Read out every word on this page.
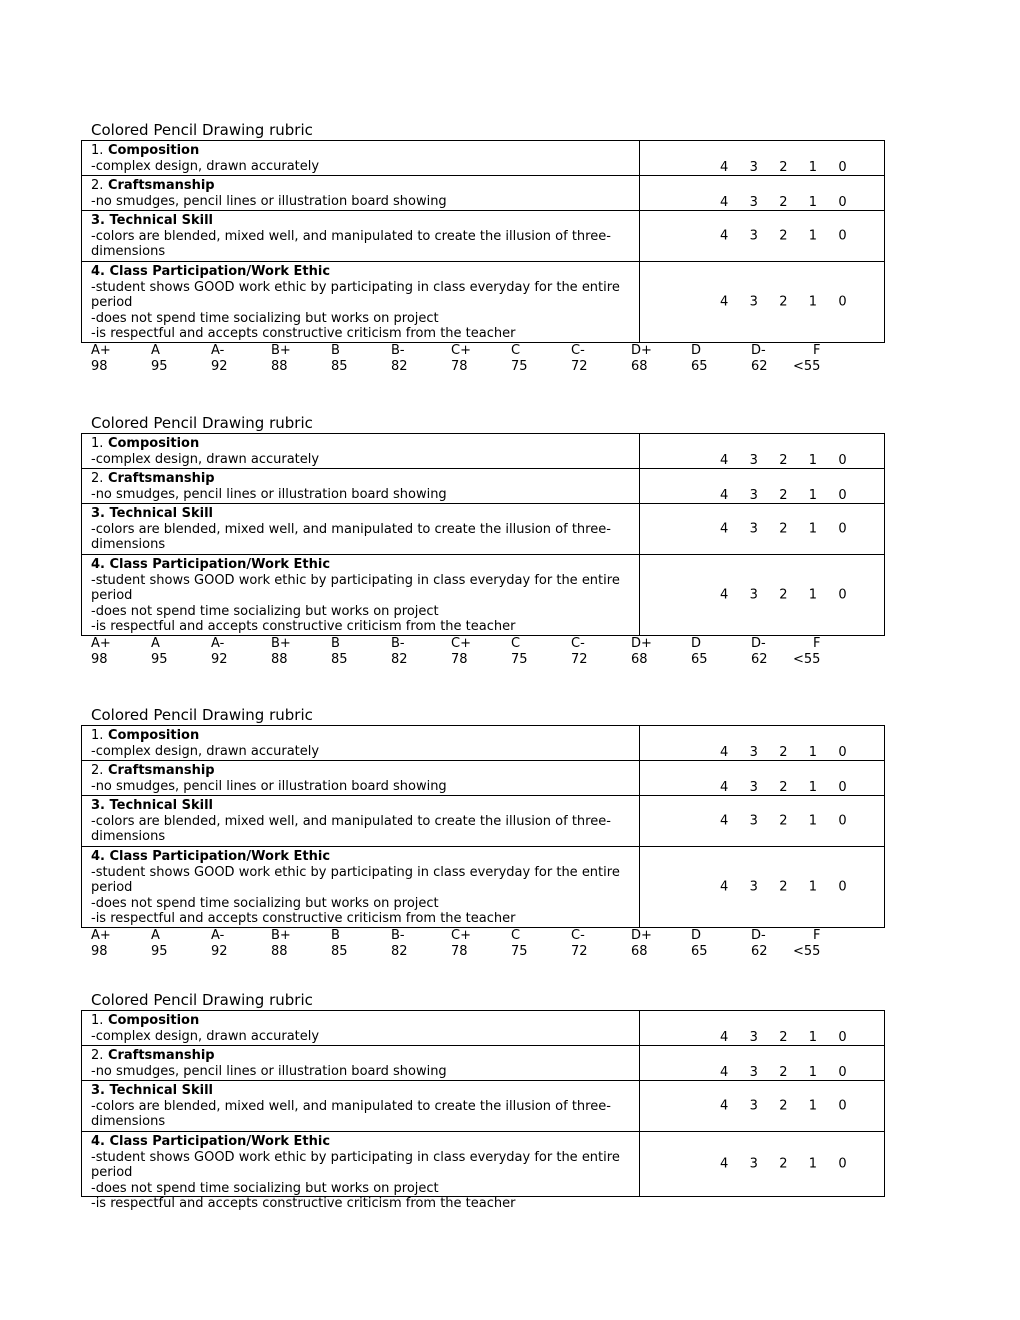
Colored Pencil Drawing rubric
1. Composition
-complex design, drawn accurately	4 3 2 1 0

2. Craftsmanship
-no smudges, pencil lines or illustration board showing	4 3 2 1 0

3. Technical Skill
-colors are blended, mixed well, and manipulated to create the illusion of three-dimensions	4 3 2 1 0

4. Class Participation/Work Ethic
-student shows GOOD work ethic by participating in class everyday for the entire period
-does not spend time socializing but works on project
-is respectful and accepts constructive criticism from the teacher	4 3 2 1 0
A+	A	A-	B+	B	B-	C+	C	C-	D+	D	D-	F
98	95	92	88	85	82	78	75	72	68	65	62 <55
Colored Pencil Drawing rubric
1. Composition
-complex design, drawn accurately	4 3 2 1 0

2. Craftsmanship
-no smudges, pencil lines or illustration board showing	4 3 2 1 0

3. Technical Skill
-colors are blended, mixed well, and manipulated to create the illusion of three-dimensions	4 3 2 1 0

4. Class Participation/Work Ethic
-student shows GOOD work ethic by participating in class everyday for the entire period
-does not spend time socializing but works on project
-is respectful and accepts constructive criticism from the teacher	4 3 2 1 0
A+	A	A-	B+	B	B-	C+	C	C-	D+	D	D-	F
98	95	92	88	85	82	78	75	72	68	65	62 <55
Colored Pencil Drawing rubric
1. Composition
-complex design, drawn accurately	4 3 2 1 0

2. Craftsmanship
-no smudges, pencil lines or illustration board showing	4 3 2 1 0

3. Technical Skill
-colors are blended, mixed well, and manipulated to create the illusion of three-dimensions	4 3 2 1 0

4. Class Participation/Work Ethic
-student shows GOOD work ethic by participating in class everyday for the entire period
-does not spend time socializing but works on project
-is respectful and accepts constructive criticism from the teacher	4 3 2 1 0
A+	A	A-	B+	B	B-	C+	C	C-	D+	D	D-	F
98	95	92	88	85	82	78	75	72	68	65	62 <55
Colored Pencil Drawing rubric
1. Composition
-complex design, drawn accurately	4 3 2 1 0

2. Craftsmanship
-no smudges, pencil lines or illustration board showing	4 3 2 1 0

3. Technical Skill
-colors are blended, mixed well, and manipulated to create the illusion of three-dimensions	4 3 2 1 0

4. Class Participation/Work Ethic
-student shows GOOD work ethic by participating in class everyday for the entire period
-does not spend time socializing but works on project
-is respectful and accepts constructive criticism from the teacher	4 3 2 1 0
